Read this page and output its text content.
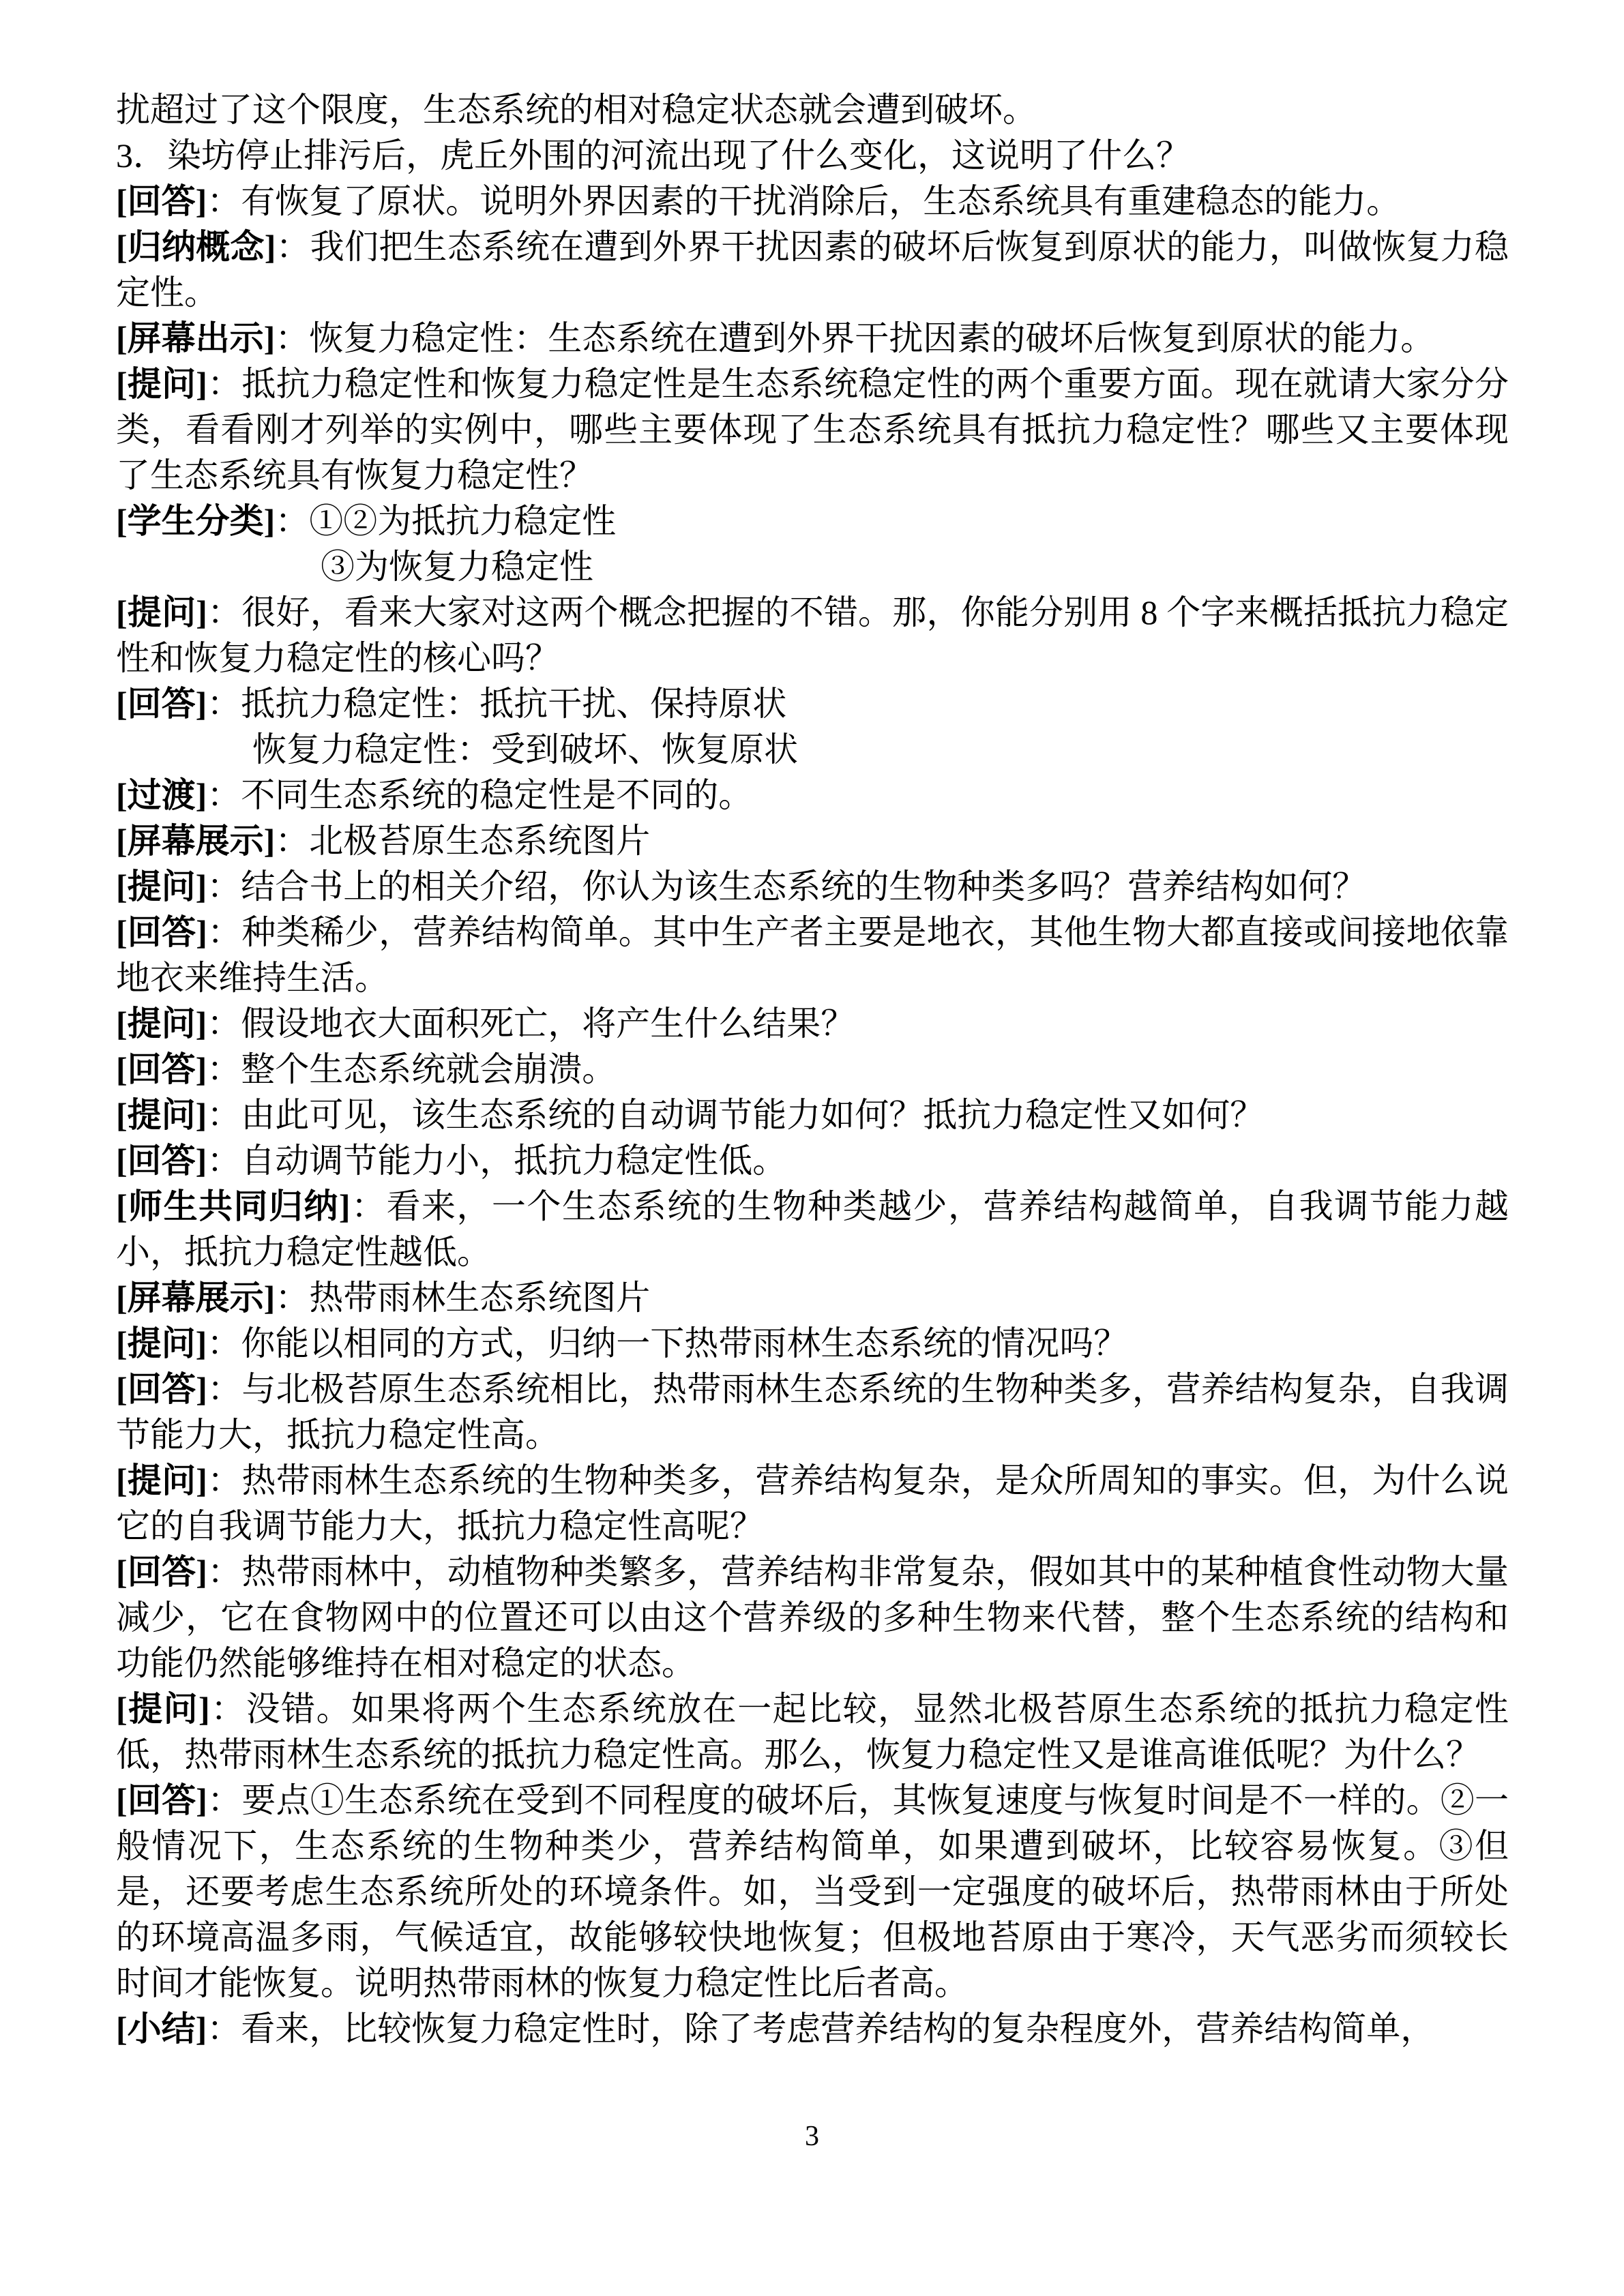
扰超过了这个限度，生态系统的相对稳定状态就会遭到破坏。

3．染坊停止排污后，虎丘外围的河流出现了什么变化，这说明了什么？

[回答]：有恢复了原状。说明外界因素的干扰消除后，生态系统具有重建稳态的能力。

[归纳概念]：我们把生态系统在遭到外界干扰因素的破坏后恢复到原状的能力，叫做恢复力稳定性。

[屏幕出示]：恢复力稳定性：生态系统在遭到外界干扰因素的破坏后恢复到原状的能力。

[提问]：抵抗力稳定性和恢复力稳定性是生态系统稳定性的两个重要方面。现在就请大家分分类，看看刚才列举的实例中，哪些主要体现了生态系统具有抵抗力稳定性？哪些又主要体现了生态系统具有恢复力稳定性？

[学生分类]：①②为抵抗力稳定性

③为恢复力稳定性

[提问]：很好，看来大家对这两个概念把握的不错。那，你能分别用 8 个字来概括抵抗力稳定性和恢复力稳定性的核心吗？

[回答]：抵抗力稳定性：抵抗干扰、保持原状

恢复力稳定性：受到破坏、恢复原状

[过渡]：不同生态系统的稳定性是不同的。

[屏幕展示]：北极苔原生态系统图片

[提问]：结合书上的相关介绍，你认为该生态系统的生物种类多吗？营养结构如何？

[回答]：种类稀少，营养结构简单。其中生产者主要是地衣，其他生物大都直接或间接地依靠地衣来维持生活。

[提问]：假设地衣大面积死亡，将产生什么结果？

[回答]：整个生态系统就会崩溃。

[提问]：由此可见，该生态系统的自动调节能力如何？抵抗力稳定性又如何？

[回答]：自动调节能力小，抵抗力稳定性低。

[师生共同归纳]：看来，一个生态系统的生物种类越少，营养结构越简单，自我调节能力越小，抵抗力稳定性越低。

[屏幕展示]：热带雨林生态系统图片

[提问]：你能以相同的方式，归纳一下热带雨林生态系统的情况吗？

[回答]：与北极苔原生态系统相比，热带雨林生态系统的生物种类多，营养结构复杂，自我调节能力大，抵抗力稳定性高。

[提问]：热带雨林生态系统的生物种类多，营养结构复杂，是众所周知的事实。但，为什么说它的自我调节能力大，抵抗力稳定性高呢？

[回答]：热带雨林中，动植物种类繁多，营养结构非常复杂，假如其中的某种植食性动物大量减少，它在食物网中的位置还可以由这个营养级的多种生物来代替，整个生态系统的结构和功能仍然能够维持在相对稳定的状态。

[提问]：没错。如果将两个生态系统放在一起比较，显然北极苔原生态系统的抵抗力稳定性低，热带雨林生态系统的抵抗力稳定性高。那么，恢复力稳定性又是谁高谁低呢？为什么？

[回答]：要点①生态系统在受到不同程度的破坏后，其恢复速度与恢复时间是不一样的。②一般情况下，生态系统的生物种类少，营养结构简单，如果遭到破坏，比较容易恢复。③但是，还要考虑生态系统所处的环境条件。如，当受到一定强度的破坏后，热带雨林由于所处的环境高温多雨，气候适宜，故能够较快地恢复；但极地苔原由于寒冷，天气恶劣而须较长时间才能恢复。说明热带雨林的恢复力稳定性比后者高。

[小结]：看来，比较恢复力稳定性时，除了考虑营养结构的复杂程度外，营养结构简单，

3
